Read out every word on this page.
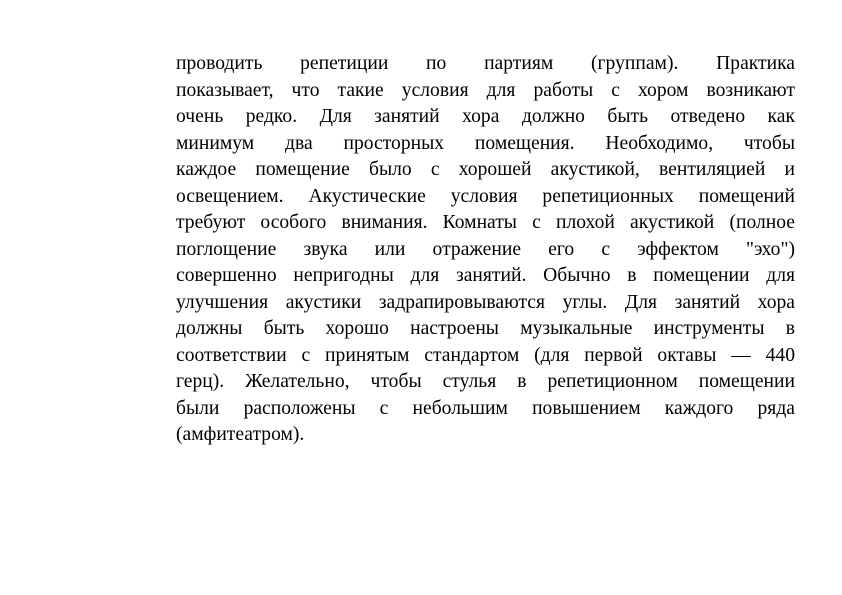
проводить репетиции по партиям (группам). Практика
показывает, что такие условия для работы с хором возникают
очень редко. Для занятий хора должно быть отведено как
минимум два просторных помещения. Необходимо, чтобы
каждое помещение было с хорошей акустикой, вентиляцией и
освещением. Акустические условия репетиционных помещений
требуют особого внимания. Комнаты с плохой акустикой (полное
поглощение звука или отражение его с эффектом "эхо")
совершенно непригодны для занятий. Обычно в помещении для
улучшения акустики задрапировываются углы. Для занятий хора
должны быть хорошо настроены музыкальные инструменты в
соответствии с принятым стандартом (для первой октавы — 440
герц). Желательно, чтобы стулья в репетиционном помещении
были расположены с небольшим повышением каждого ряда
(амфитеатром).
